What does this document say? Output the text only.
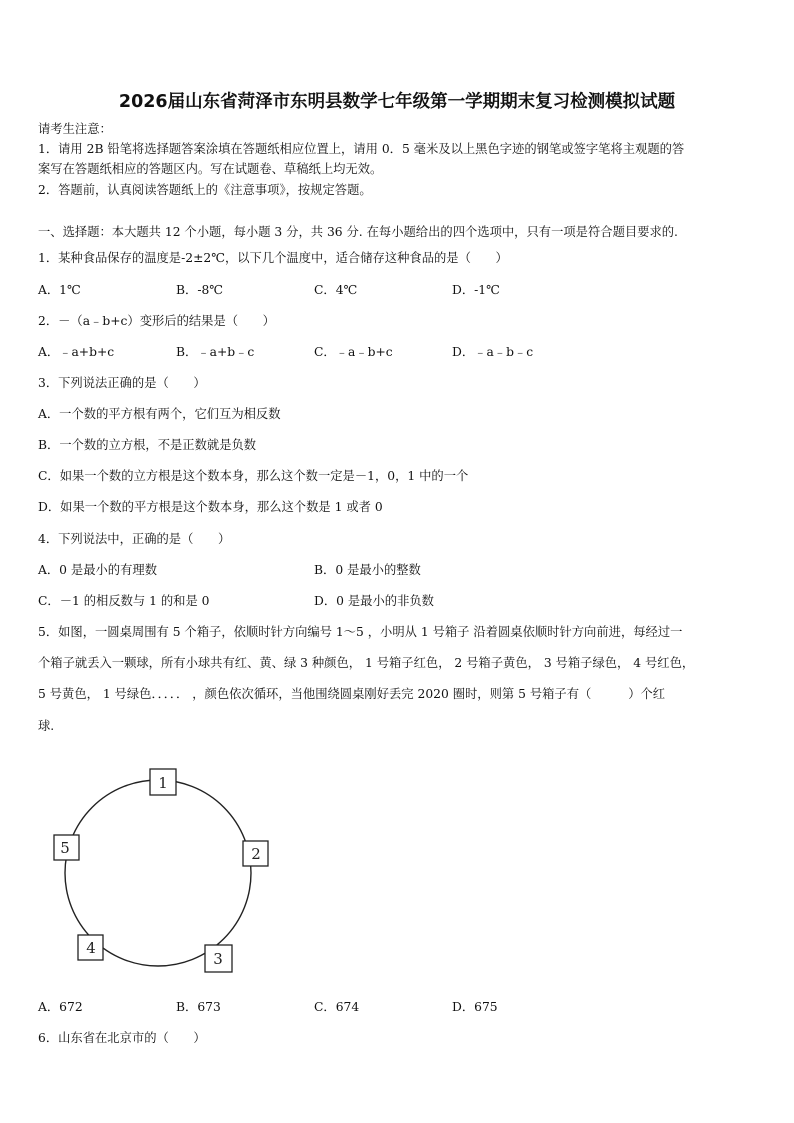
2026届山东省菏泽市东明县数学七年级第一学期期末复习检测模拟试题
请考生注意：
1．请用 2B 铅笔将选择题答案涂填在答题纸相应位置上，请用 0．5 毫米及以上黑色字迹的钢笔或签字笔将主观题的答
案写在答题纸相应的答题区内。写在试题卷、草稿纸上均无效。
2．答题前，认真阅读答题纸上的《注意事项》，按规定答题。
一、选择题：本大题共 12 个小题，每小题 3 分，共 36 分. 在每小题给出的四个选项中，只有一项是符合题目要求的.
1．某种食品保存的温度是-2±2℃，以下几个温度中，适合储存这种食品的是（　　）
A．1℃	B．-8℃	C．4℃	D．-1℃
2．－（a﹣b+c）变形后的结果是（　　）
A．﹣a+b+c	B．﹣a+b﹣c	C．﹣a﹣b+c	D．﹣a﹣b﹣c
3．下列说法正确的是（　　）
A．一个数的平方根有两个，它们互为相反数
B．一个数的立方根，不是正数就是负数
C．如果一个数的立方根是这个数本身，那么这个数一定是－1，0，1 中的一个
D．如果一个数的平方根是这个数本身，那么这个数是 1 或者 0
4．下列说法中，正确的是（　　）
A．0 是最小的有理数	B．0 是最小的整数
C．－1 的相反数与 1 的和是 0	D．0 是最小的非负数
5．如图，一圆桌周围有 5 个箱子，依顺时针方向编号 1～5 ，小明从 1 号箱子 沿着圆桌依顺时针方向前进，每经过一
个箱子就丢入一颗球，所有小球共有红、黄、绿 3 种颜色， 1 号箱子红色， 2 号箱子黄色， 3 号箱子绿色， 4 号红色，
5 号黄色， 1 号绿色．．．．． ，颜色依次循环，当他围绕圆桌刚好丢完 2020 圈时，则第 5 号箱子有（　　　）个红
球.
1
2
3
4
5
A．672	B．673	C．674	D．675
6．山东省在北京市的（　　）
